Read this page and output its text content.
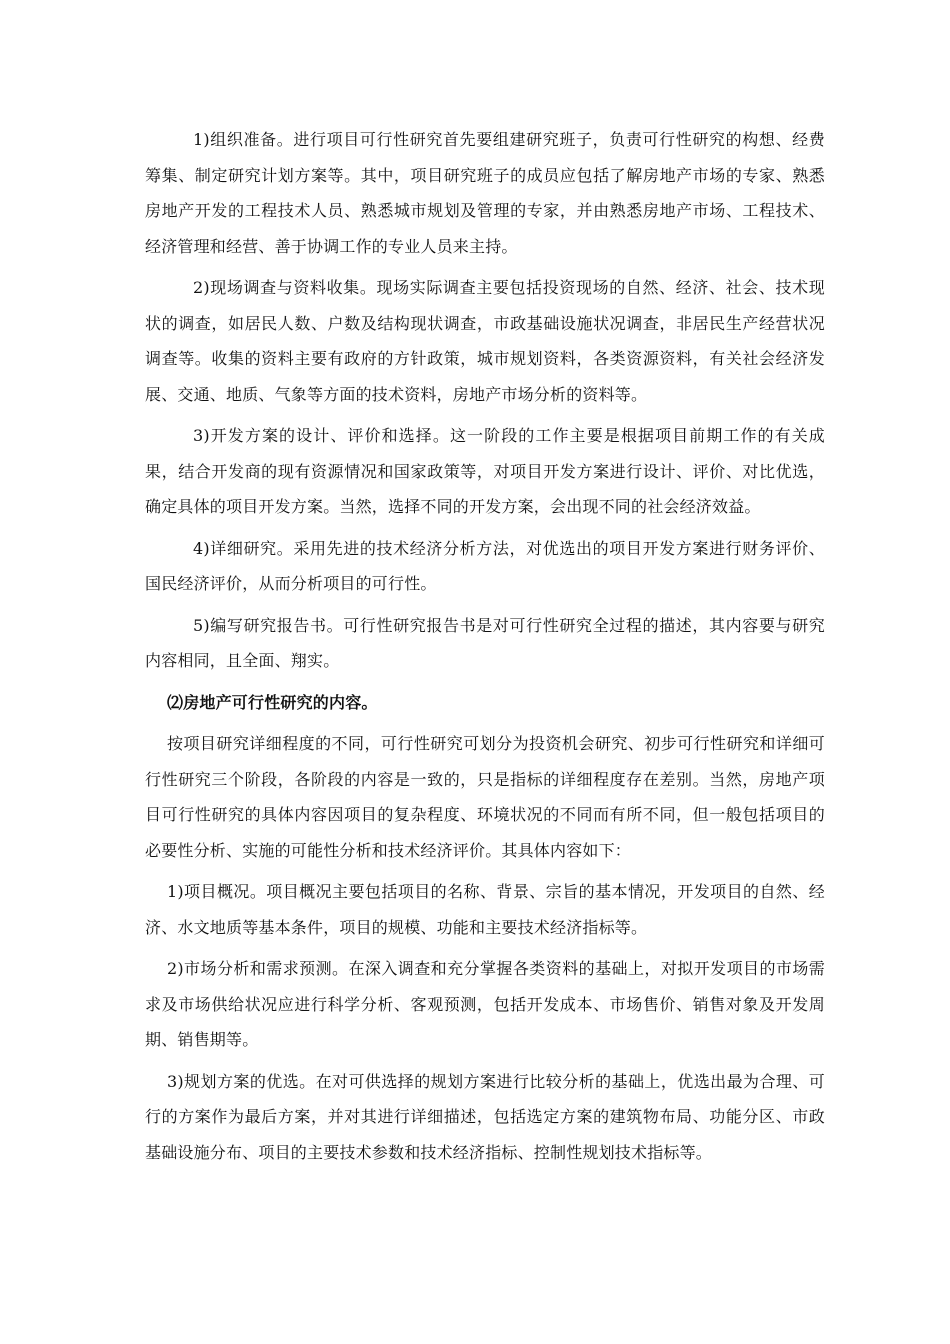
1)组织准备。进行项目可行性研究首先要组建研究班子，负责可行性研究的构想、经费筹集、制定研究计划方案等。其中，项目研究班子的成员应包括了解房地产市场的专家、熟悉房地产开发的工程技术人员、熟悉城市规划及管理的专家，并由熟悉房地产市场、工程技术、经济管理和经营、善于协调工作的专业人员来主持。

2)现场调查与资料收集。现场实际调查主要包括投资现场的自然、经济、社会、技术现状的调查，如居民人数、户数及结构现状调查，市政基础设施状况调查，非居民生产经营状况调查等。收集的资料主要有政府的方针政策，城市规划资料，各类资源资料，有关社会经济发展、交通、地质、气象等方面的技术资料，房地产市场分析的资料等。

3)开发方案的设计、评价和选择。这一阶段的工作主要是根据项目前期工作的有关成果，结合开发商的现有资源情况和国家政策等，对项目开发方案进行设计、评价、对比优选，确定具体的项目开发方案。当然，选择不同的开发方案，会出现不同的社会经济效益。

4)详细研究。采用先进的技术经济分析方法，对优选出的项目开发方案进行财务评价、国民经济评价，从而分析项目的可行性。

5)编写研究报告书。可行性研究报告书是对可行性研究全过程的描述，其内容要与研究内容相同，且全面、翔实。

⑵房地产可行性研究的内容。

按项目研究详细程度的不同，可行性研究可划分为投资机会研究、初步可行性研究和详细可行性研究三个阶段，各阶段的内容是一致的，只是指标的详细程度存在差别。当然，房地产项目可行性研究的具体内容因项目的复杂程度、环境状况的不同而有所不同，但一般包括项目的必要性分析、实施的可能性分析和技术经济评价。其具体内容如下：

1)项目概况。项目概况主要包括项目的名称、背景、宗旨的基本情况，开发项目的自然、经济、水文地质等基本条件，项目的规模、功能和主要技术经济指标等。

2)市场分析和需求预测。在深入调查和充分掌握各类资料的基础上，对拟开发项目的市场需求及市场供给状况应进行科学分析、客观预测，包括开发成本、市场售价、销售对象及开发周期、销售期等。

3)规划方案的优选。在对可供选择的规划方案进行比较分析的基础上，优选出最为合理、可行的方案作为最后方案，并对其进行详细描述，包括选定方案的建筑物布局、功能分区、市政基础设施分布、项目的主要技术参数和技术经济指标、控制性规划技术指标等。
